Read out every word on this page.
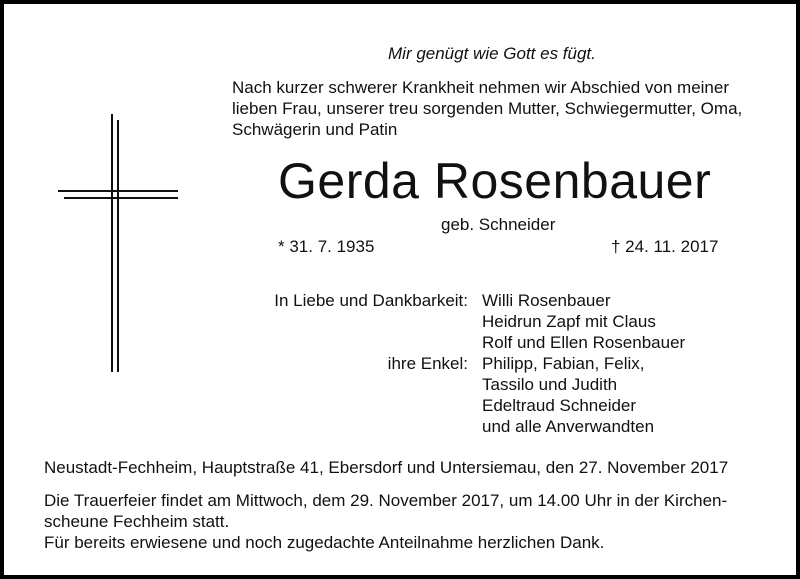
Mir genügt wie Gott es fügt.
Nach kurzer schwerer Krankheit nehmen wir Abschied von meiner
lieben Frau, unserer treu sorgenden Mutter, Schwiegermutter, Oma,
Schwägerin und Patin
Gerda Rosenbauer
geb. Schneider
* 31. 7. 1935	† 24. 11. 2017
In Liebe und Dankbarkeit: Willi Rosenbauer
Heidrun Zapf mit Claus
Rolf und Ellen Rosenbauer
ihre Enkel: Philipp, Fabian, Felix,
Tassilo und Judith
Edeltraud Schneider
und alle Anverwandten
Neustadt-Fechheim, Hauptstraße 41, Ebersdorf und Untersiemau, den 27. November 2017
Die Trauerfeier findet am Mittwoch, dem 29. November 2017, um 14.00 Uhr in der Kirchen-
scheune Fechheim statt.
Für bereits erwiesene und noch zugedachte Anteilnahme herzlichen Dank.
